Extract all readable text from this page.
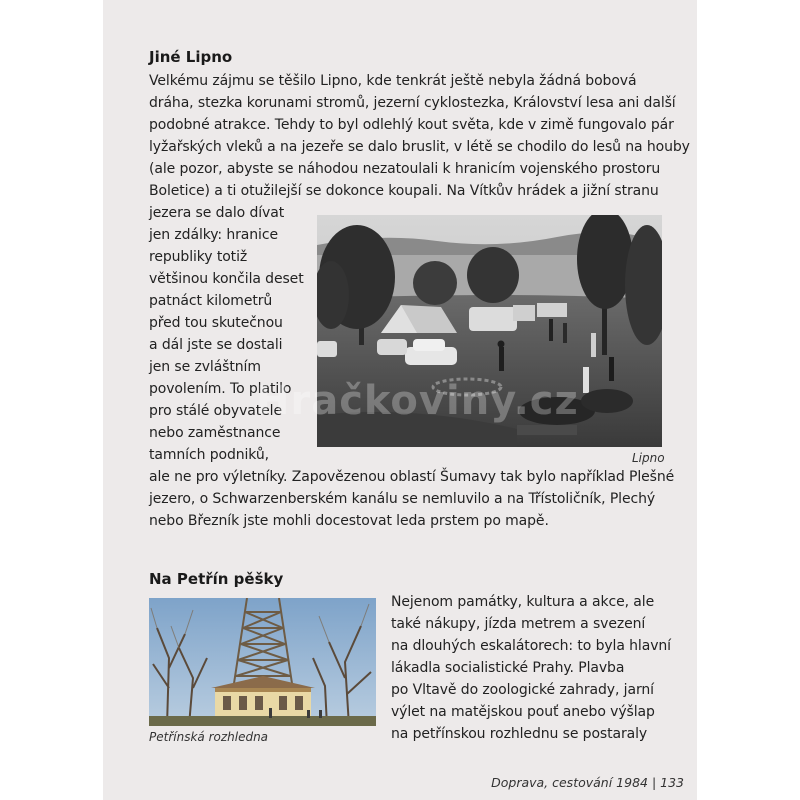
Jiné Lipno
Velkému zájmu se těšilo Lipno, kde tenkrát ještě nebyla žádná bobová
dráha, stezka korunami stromů, jezerní cyklostezka, Království lesa ani další
podobné atrakce. Tehdy to byl odlehlý kout světa, kde v zimě fungovalo pár
lyžařských vleků a na jezeře se dalo bruslit, v létě se chodilo do lesů na houby
(ale pozor, abyste se náhodou nezatoulali k hranicím vojenského prostoru
Boletice) a ti otužilejší se dokonce koupali. Na Vítkův hrádek a jižní stranu
jezera se dalo dívat
jen zdálky: hranice
republiky totiž
většinou končila deset
patnáct kilometrů
před tou skutečnou
a dál jste se dostali
jen se zvláštním
povolením. To platilo
pro stálé obyvatele
nebo zaměstnance
tamních podniků,
ale ne pro výletníky. Zapovězenou oblastí Šumavy tak bylo například Plešné
jezero, o Schwarzenberském kanálu se nemluvilo a na Třístoličník, Plechý
nebo Březník jste mohli docestovat leda prstem po mapě.
Lipno
Hračkoviny.cz
Na Petřín pěšky
Nejenom památky, kultura a akce, ale
také nákupy, jízda metrem a svezení
na dlouhých eskalátorech: to byla hlavní
lákadla socialistické Prahy. Plavba
po Vltavě do zoologické zahrady, jarní
výlet na matějskou pouť anebo výšlap
na petřínskou rozhlednu se postaraly
Petřínská rozhledna
Doprava, cestování 1984 | 133
